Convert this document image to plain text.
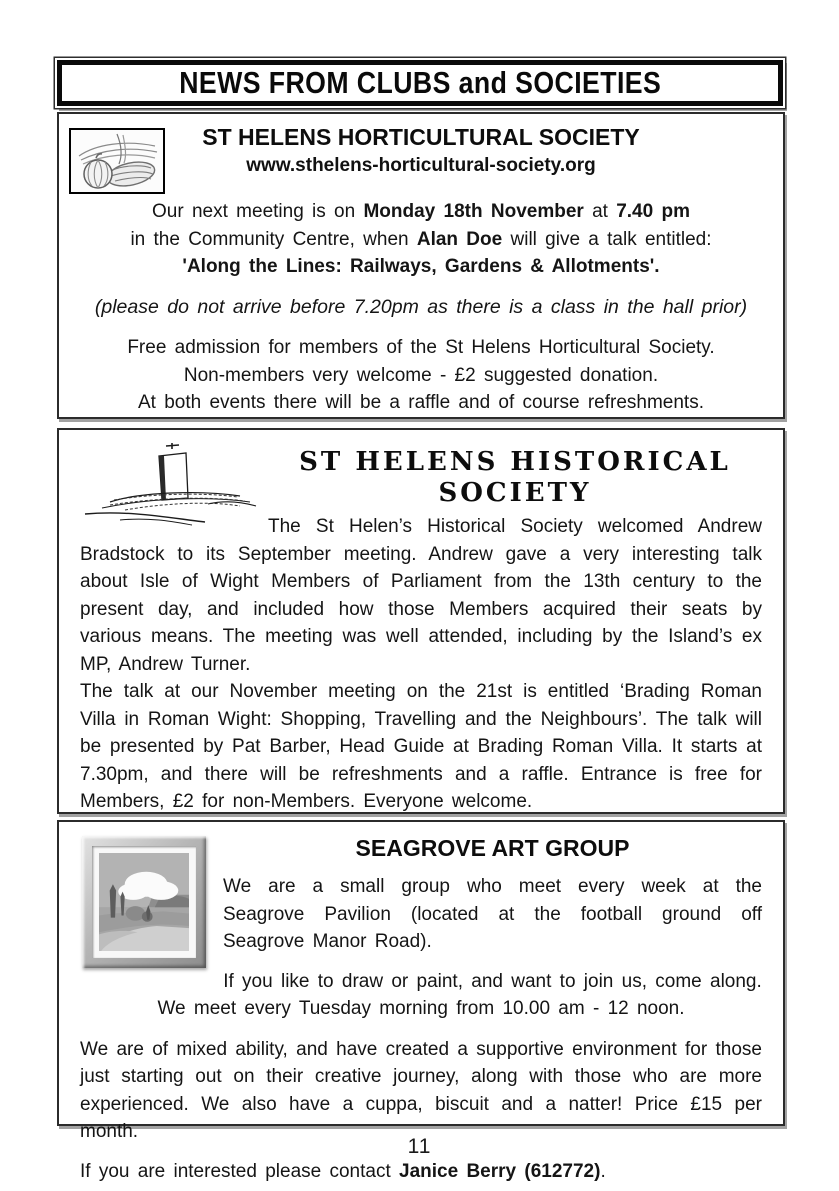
NEWS FROM CLUBS and SOCIETIES
ST HELENS HORTICULTURAL SOCIETY
www.sthelens-horticultural-society.org

Our next meeting is on Monday 18th November at 7.40 pm
in the Community Centre, when Alan Doe will give a talk entitled:
'Along the Lines: Railways, Gardens & Allotments'.

(please do not arrive before 7.20pm as there is a class in the hall prior)

Free admission for members of the St Helens Horticultural Society.
Non-members very welcome - £2 suggested donation.
At both events there will be a raffle and of course refreshments.

ST HELENS HISTORICAL
SOCIETY

The St Helen’s Historical Society welcomed Andrew Bradstock to its September meeting. Andrew gave a very interesting talk about Isle of Wight Members of Parliament from the 13th century to the present day, and included how those Members acquired their seats by various means. The meeting was well attended, including by the Island’s ex MP, Andrew Turner.

The talk at our November meeting on the 21st is entitled ‘Brading Roman Villa in Roman Wight: Shopping, Travelling and the Neighbours’. The talk will be presented by Pat Barber, Head Guide at Brading Roman Villa. It starts at 7.30pm, and there will be refreshments and a raffle. Entrance is free for Members, £2 for non-Members. Everyone welcome.

SEAGROVE ART GROUP

We are a small group who meet every week at the Seagrove Pavilion (located at the football ground off Seagrove Manor Road).

If you like to draw or paint, and want to join us, come along.
We meet every Tuesday morning from 10.00 am - 12 noon.

We are of mixed ability, and have created a supportive environment for those just starting out on their creative journey, along with those who are more experienced. We also have a cuppa, biscuit and a natter! Price £15 per month.

If you are interested please contact Janice Berry (612772).

11
